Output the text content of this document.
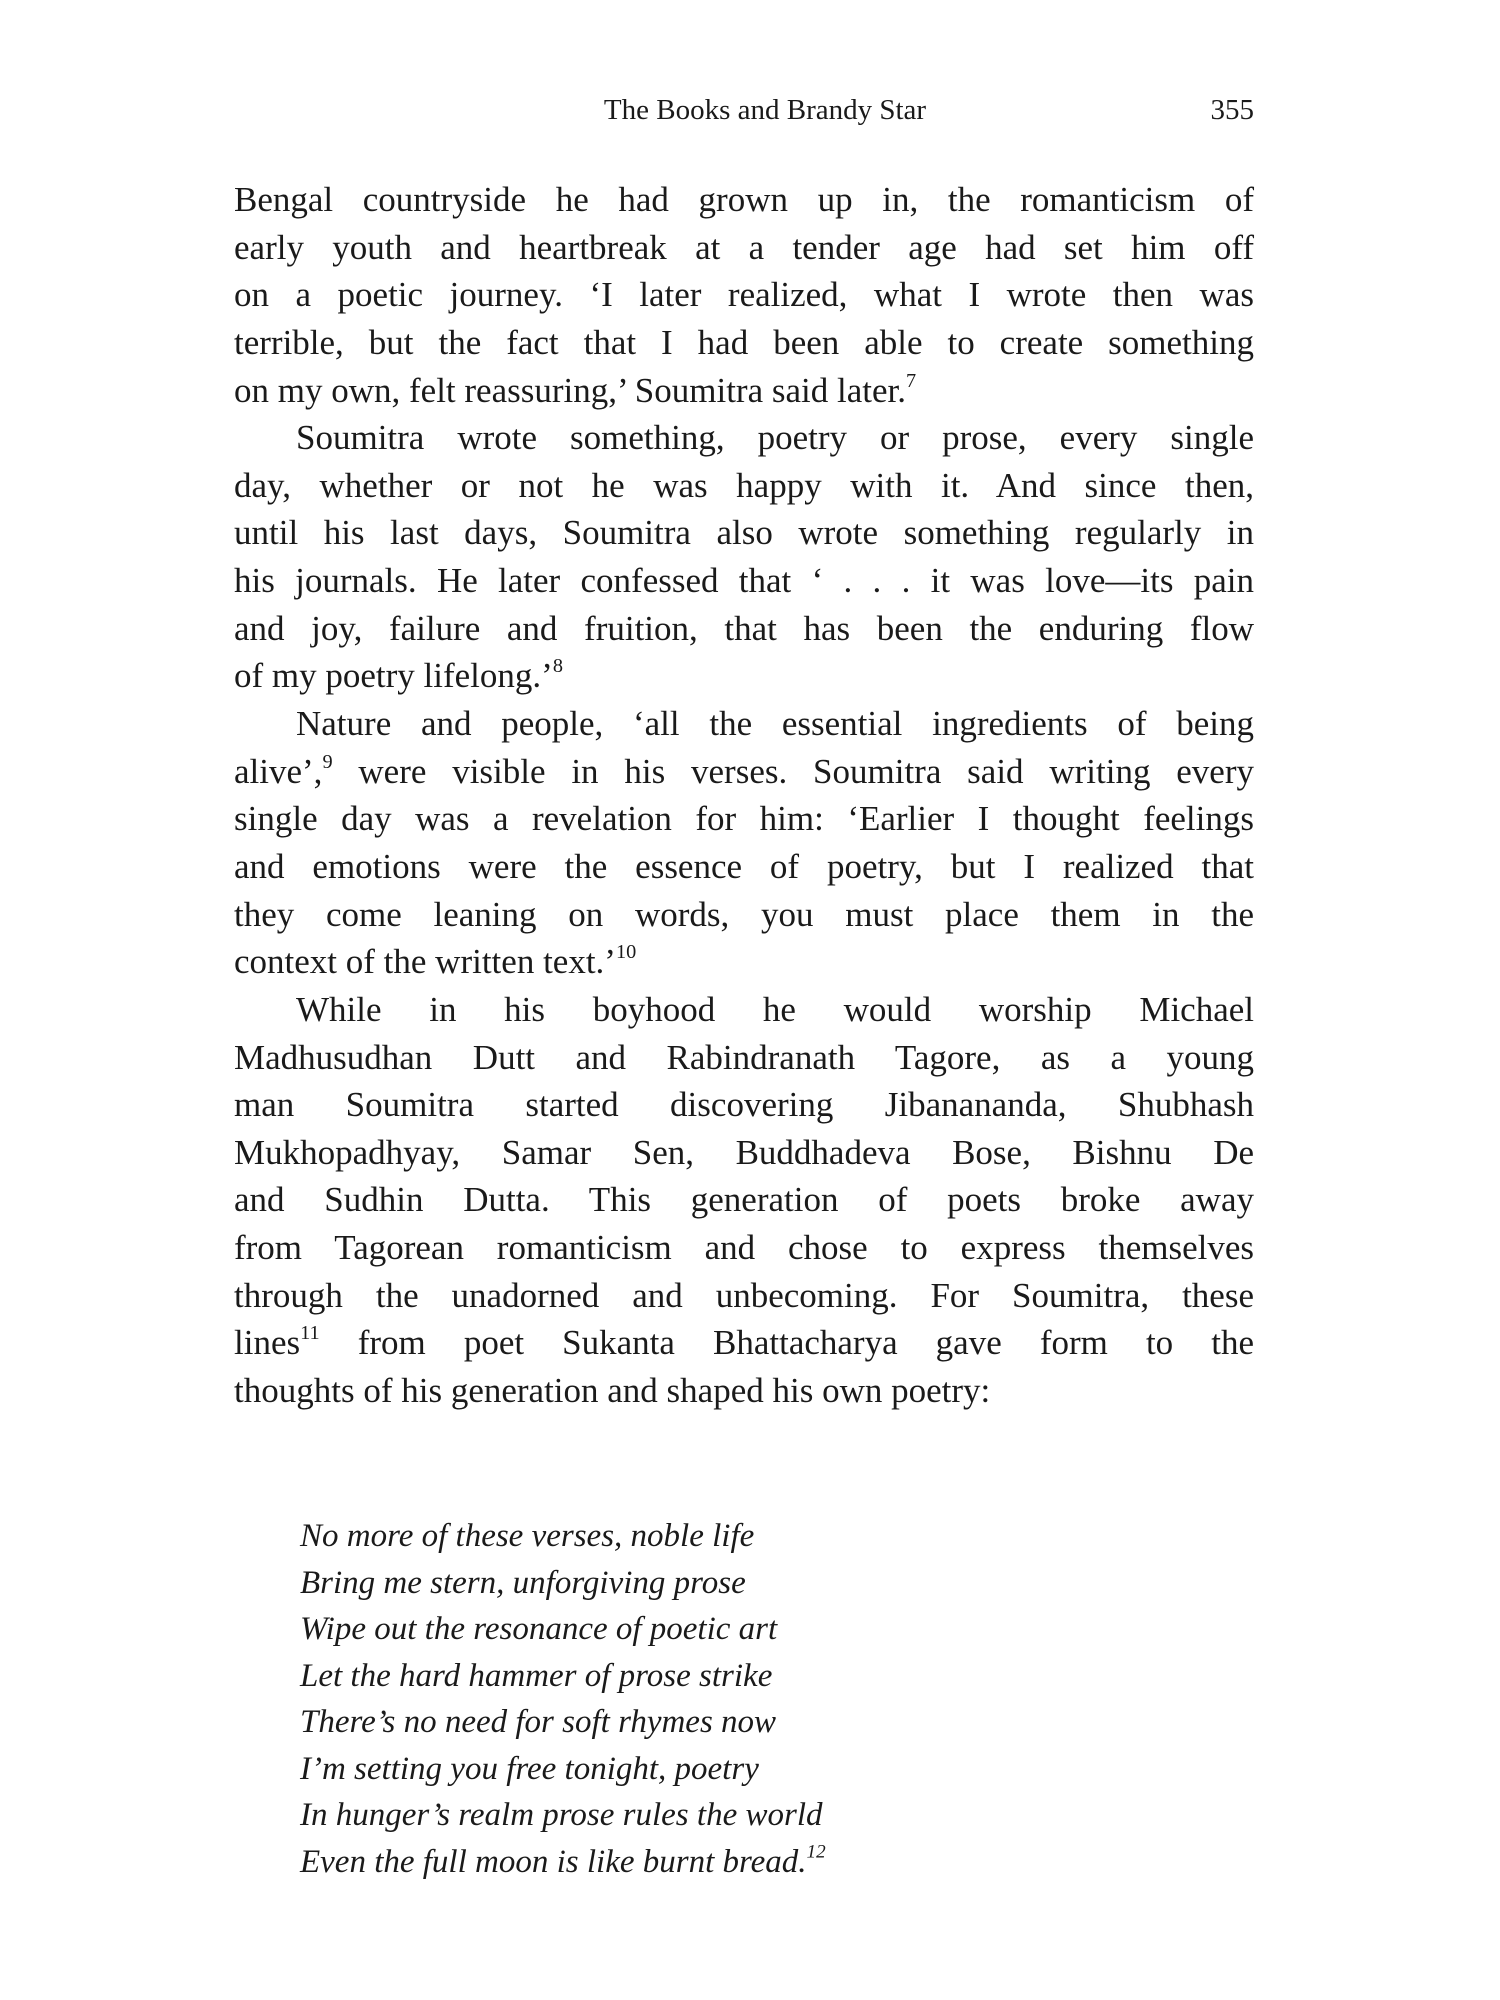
The Books and Brandy Star	355
Bengal countryside he had grown up in, the romanticism of
early youth and heartbreak at a tender age had set him off
on a poetic journey. ‘I later realized, what I wrote then was
terrible, but the fact that I had been able to create something
on my own, felt reassuring,’ Soumitra said later.$^7$
Soumitra wrote something, poetry or prose, every single
day, whether or not he was happy with it. And since then,
until his last days, Soumitra also wrote something regularly in
his journals. He later confessed that ‘ . . . it was love—its pain
and joy, failure and fruition, that has been the enduring flow
of my poetry lifelong.’$^8$
Nature and people, ‘all the essential ingredients of being
alive’,$^9$ were visible in his verses. Soumitra said writing every
single day was a revelation for him: ‘Earlier I thought feelings
and emotions were the essence of poetry, but I realized that
they come leaning on words, you must place them in the
context of the written text.’$^{10}$
While in his boyhood he would worship Michael
Madhusudhan Dutt and Rabindranath Tagore, as a young
man Soumitra started discovering Jibanananda, Shubhash
Mukhopadhyay, Samar Sen, Buddhadeva Bose, Bishnu De
and Sudhin Dutta. This generation of poets broke away
from Tagorean romanticism and chose to express themselves
through the unadorned and unbecoming. For Soumitra, these
lines$^{11}$ from poet Sukanta Bhattacharya gave form to the
thoughts of his generation and shaped his own poetry:
No more of these verses, noble life
Bring me stern, unforgiving prose
Wipe out the resonance of poetic art
Let the hard hammer of prose strike
There’s no need for soft rhymes now
I’m setting you free tonight, poetry
In hunger’s realm prose rules the world
Even the full moon is like burnt bread.$^{12}$
